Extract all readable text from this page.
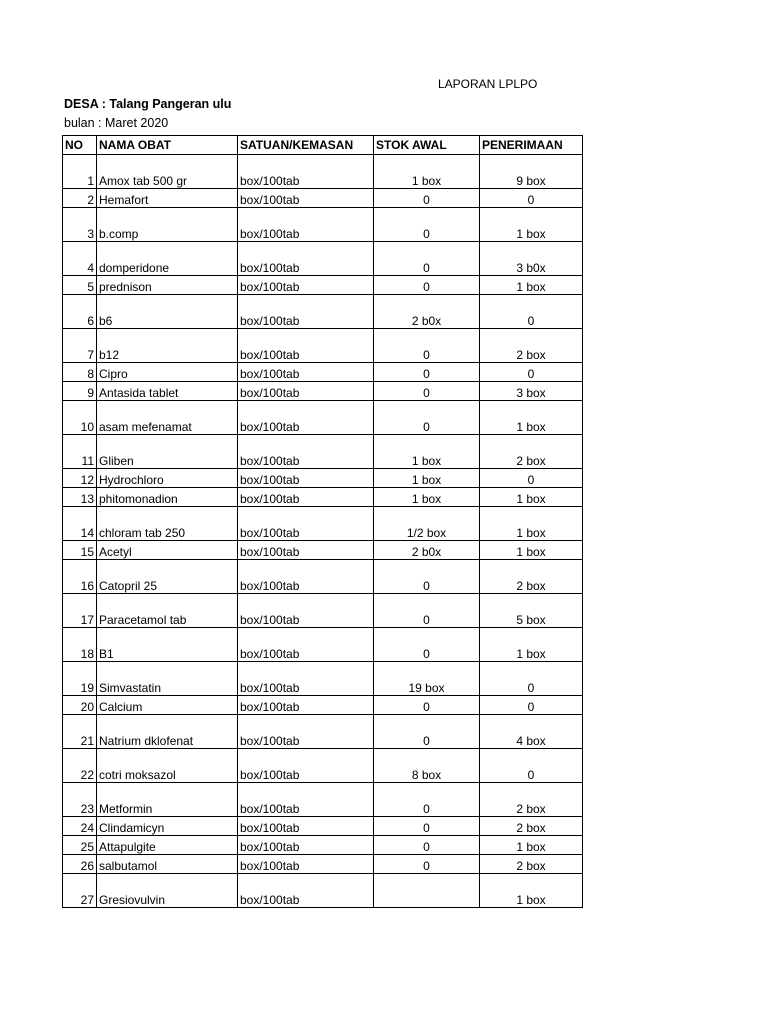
LAPORAN LPLPO
DESA : Talang Pangeran ulu
bulan : Maret 2020
NO	NAMA OBAT	SATUAN/KEMASAN	STOK AWAL	PENERIMAAN
1	Amox tab 500 gr	box/100tab	1 box	9 box
2	Hemafort	box/100tab	0	0
3	b.comp	box/100tab	0	1 box
4	domperidone	box/100tab	0	3 b0x
5	prednison	box/100tab	0	1 box
6	b6	box/100tab	2 b0x	0
7	b12	box/100tab	0	2 box
8	Cipro	box/100tab	0	0
9	Antasida tablet	box/100tab	0	3 box
10	asam mefenamat	box/100tab	0	1 box
11	Gliben	box/100tab	1 box	2 box
12	Hydrochloro	box/100tab	1 box	0
13	phitomonadion	box/100tab	1 box	1 box
14	chloram tab 250	box/100tab	1/2 box	1 box
15	Acetyl	box/100tab	2 b0x	1 box
16	Catopril 25	box/100tab	0	2 box
17	Paracetamol tab	box/100tab	0	5 box
18	B1	box/100tab	0	1 box
19	Simvastatin	box/100tab	19 box	0
20	Calcium	box/100tab	0	0
21	Natrium dklofenat	box/100tab	0	4 box
22	cotri moksazol	box/100tab	8 box	0
23	Metformin	box/100tab	0	2 box
24	Clindamicyn	box/100tab	0	2 box
25	Attapulgite	box/100tab	0	1 box
26	salbutamol	box/100tab	0	2 box
27	Gresiovulvin	box/100tab		1 box
